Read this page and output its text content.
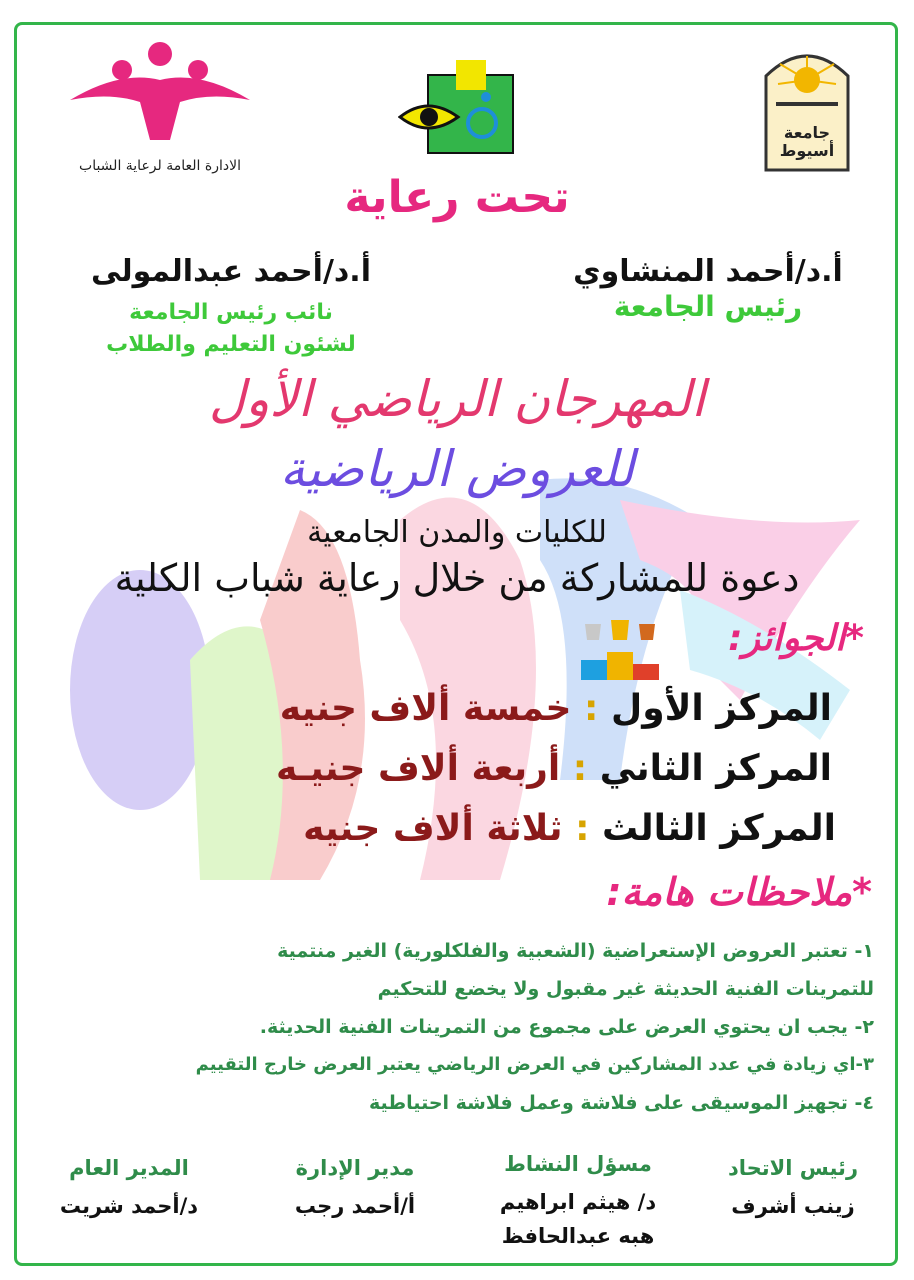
الادارة العامة لرعاية الشباب
جامعة أسيوط
تحت رعاية
أ.د/أحمد المنشاوي
رئيس الجامعة
أ.د/أحمد عبدالمولى
نائب رئيس الجامعة
لشئون التعليم والطلاب
المهرجان الرياضي الأول
للعروض الرياضية
للكليات والمدن الجامعية
دعوة للمشاركة من خلال رعاية شباب الكلية
*الجوائز:
المركز الأول : خمسة ألاف جنيه
المركز الثاني : أربعة ألاف جنيـه
المركز الثالث : ثلاثة ألاف جنيه
*ملاحظات هامة:
١- تعتبر العروض الإستعراضية (الشعبية والفلكلورية) الغير منتمية
للتمرينات الفنية الحديثة غير مقبول ولا يخضع للتحكيم
٢- يجب ان يحتوي العرض على مجموع من التمرينات الفنية الحديثة.
٣-اي زيادة في عدد المشاركين في العرض الرياضي يعتبر العرض خارج التقييم
٤- تجهيز الموسيقى على فلاشة وعمل فلاشة احتياطية
رئيس الاتحاد
زينب أشرف
مسؤل النشاط
د/ هيثم ابراهيم
هبه عبدالحافظ
مدير الإدارة
أ/أحمد رجب
المدير العام
د/أحمد شريت
